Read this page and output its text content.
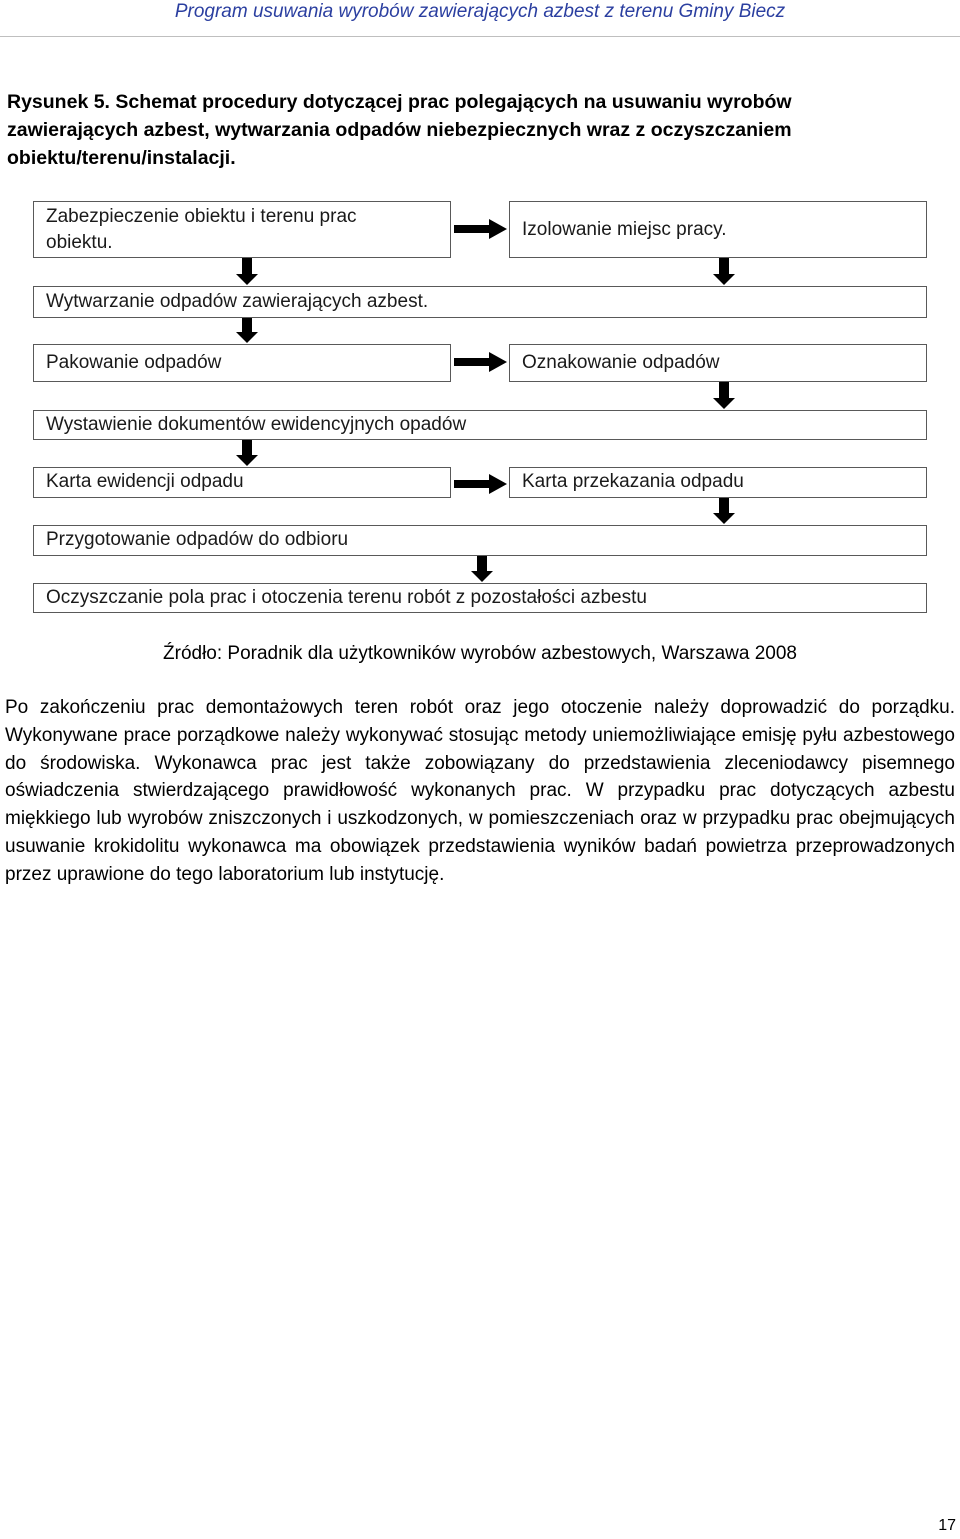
Program usuwania wyrobów zawierających azbest z terenu Gminy Biecz
Rysunek 5. Schemat procedury dotyczącej prac polegających na usuwaniu wyrobów zawierających azbest, wytwarzania odpadów niebezpiecznych wraz z oczyszczaniem obiektu/terenu/instalacji.
Zabezpieczenie obiektu i terenu prac obiektu.
Izolowanie miejsc pracy.
Wytwarzanie odpadów zawierających azbest.
Pakowanie odpadów	Oznakowanie odpadów
Wystawienie dokumentów ewidencyjnych opadów
Karta ewidencji odpadu	Karta przekazania odpadu
Przygotowanie odpadów do odbioru
Oczyszczanie pola prac i otoczenia terenu robót z pozostałości azbestu
Źródło: Poradnik dla użytkowników wyrobów azbestowych, Warszawa 2008
Po zakończeniu prac demontażowych teren robót oraz jego otoczenie należy doprowadzić do porządku. Wykonywane prace porządkowe należy wykonywać stosując metody uniemożliwiające emisję pyłu azbestowego do środowiska. Wykonawca prac jest także zobowiązany do przedstawienia zleceniodawcy pisemnego oświadczenia stwierdzającego prawidłowość wykonanych prac. W przypadku prac dotyczących azbestu miękkiego lub wyrobów zniszczonych i uszkodzonych, w pomieszczeniach oraz w przypadku prac obejmujących usuwanie krokidolitu wykonawca ma obowiązek przedstawienia wyników badań powietrza przeprowadzonych przez uprawione do tego laboratorium lub instytucję.
17
